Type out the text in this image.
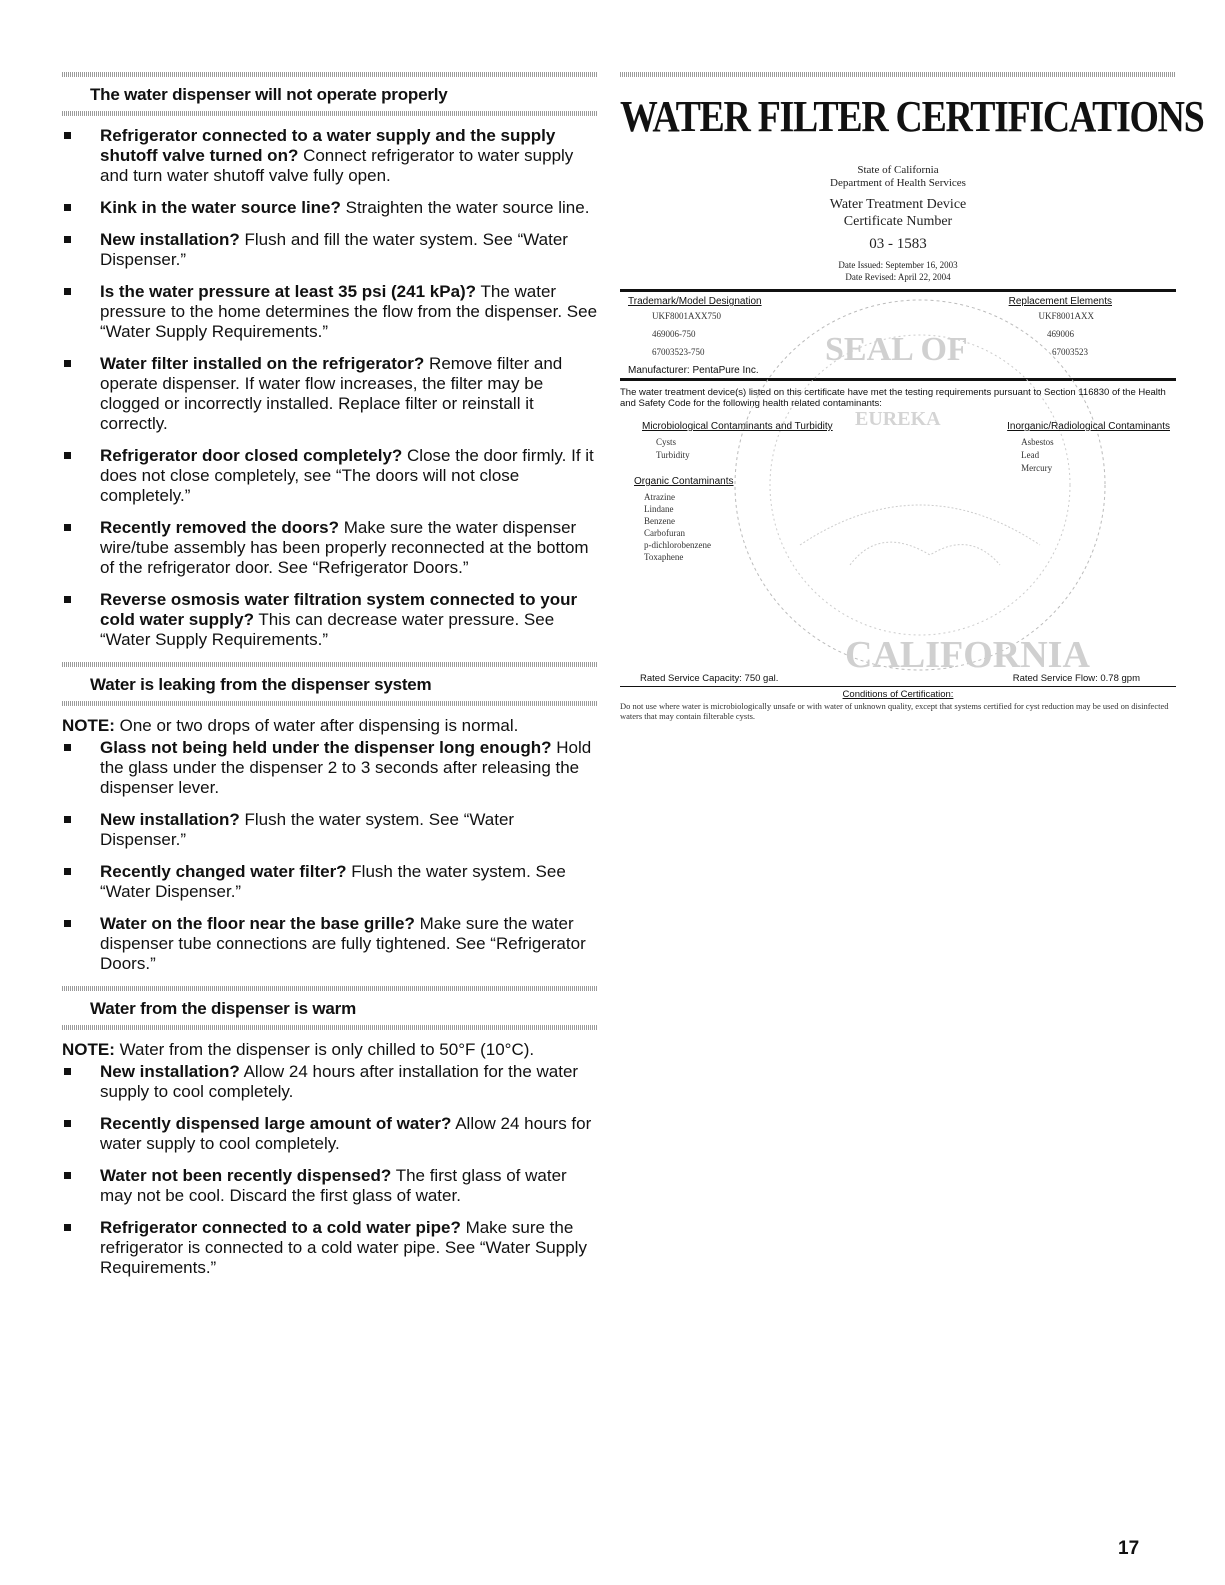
The water dispenser will not operate properly
Refrigerator connected to a water supply and the supply shutoff valve turned on? Connect refrigerator to water supply and turn water shutoff valve fully open.
Kink in the water source line? Straighten the water source line.
New installation? Flush and fill the water system. See “Water Dispenser.”
Is the water pressure at least 35 psi (241 kPa)? The water pressure to the home determines the flow from the dispenser. See “Water Supply Requirements.”
Water filter installed on the refrigerator? Remove filter and operate dispenser. If water flow increases, the filter may be clogged or incorrectly installed. Replace filter or reinstall it correctly.
Refrigerator door closed completely? Close the door firmly. If it does not close completely, see “The doors will not close completely.”
Recently removed the doors? Make sure the water dispenser wire/tube assembly has been properly reconnected at the bottom of the refrigerator door. See “Refrigerator Doors.”
Reverse osmosis water filtration system connected to your cold water supply? This can decrease water pressure. See “Water Supply Requirements.”
Water is leaking from the dispenser system

NOTE: One or two drops of water after dispensing is normal.

Glass not being held under the dispenser long enough? Hold the glass under the dispenser 2 to 3 seconds after releasing the dispenser lever.
New installation? Flush the water system. See “Water Dispenser.”
Recently changed water filter? Flush the water system. See “Water Dispenser.”
Water on the floor near the base grille? Make sure the water dispenser tube connections are fully tightened. See “Refrigerator Doors.”
Water from the dispenser is warm

NOTE: Water from the dispenser is only chilled to 50°F (10°C).

New installation? Allow 24 hours after installation for the water supply to cool completely.
Recently dispensed large amount of water? Allow 24 hours for water supply to cool completely.
Water not been recently dispensed? The first glass of water may not be cool. Discard the first glass of water.
Refrigerator connected to a cold water pipe? Make sure the refrigerator is connected to a cold water pipe. See “Water Supply Requirements.”
WATER FILTER CERTIFICATIONS
State of California
Department of Health Services
Water Treatment Device
Certificate Number
03 - 1583
Date Issued: September 16, 2003
Date Revised: April 22, 2004
SEAL OF
EUREKA
CALIFORNIA
Trademark/Model Designation	Replacement Elements
UKF8001AXX750	UKF8001AXX
469006-750	469006
67003523-750	67003523
Manufacturer: PentaPure Inc.
The water treatment device(s) listed on this certificate have met the testing requirements pursuant to Section 116830 of the Health and Safety Code for the following health related contaminants:
Microbiological Contaminants and Turbidity
Cysts
Turbidity
Organic Contaminants
Atrazine
Lindane
Benzene
Carbofuran
p-dichlorobenzene
Toxaphene
Inorganic/Radiological Contaminants
Asbestos
Lead
Mercury
Rated Service Capacity: 750 gal.	Rated Service Flow: 0.78 gpm
Conditions of Certification:
Do not use where water is microbiologically unsafe or with water of unknown quality, except that systems certified for cyst reduction may be used on disinfected waters that may contain filterable cysts.
17
